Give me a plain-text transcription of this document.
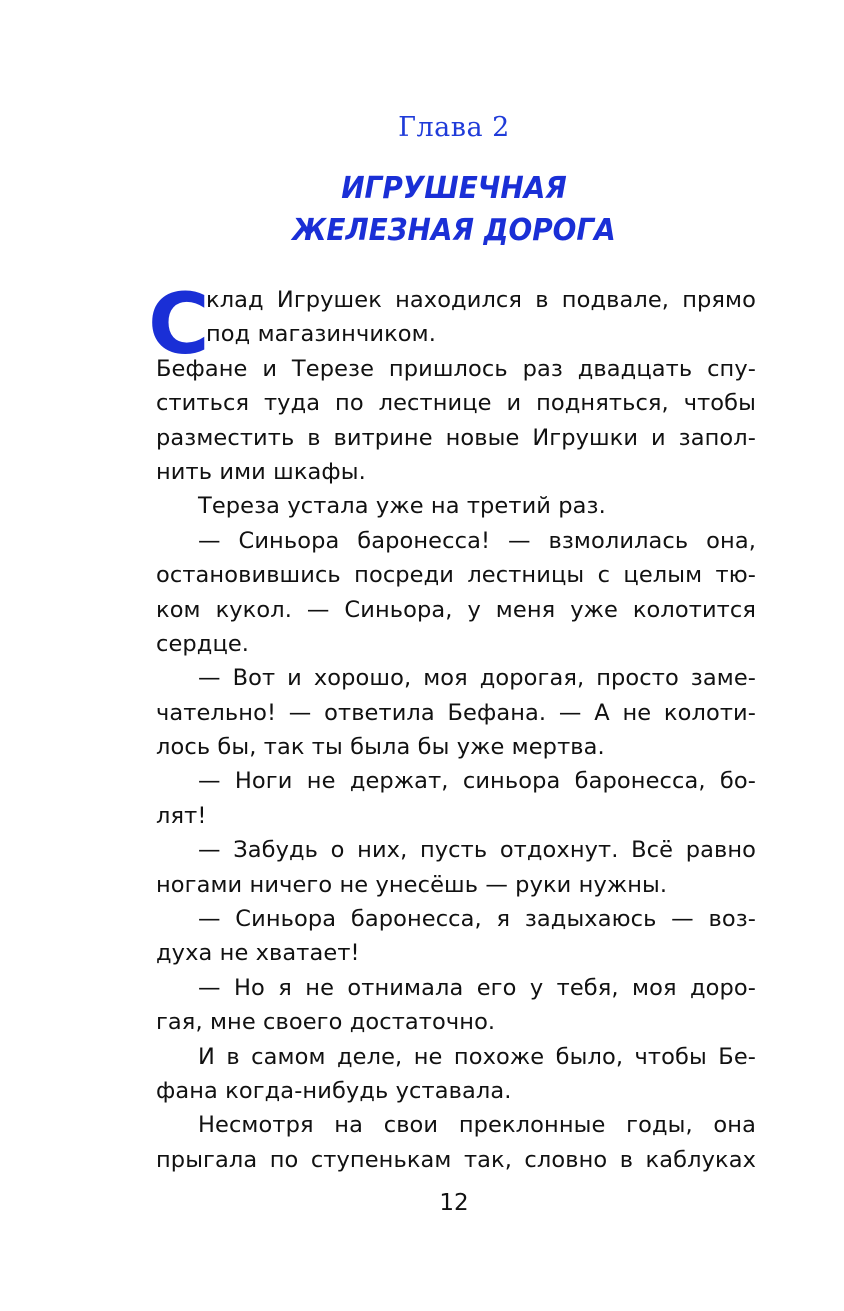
Глава 2
ИГРУШЕЧНАЯ
ЖЕЛЕЗНАЯ ДОРОГА
С
клад Игрушек находился в подвале, прямо
под магазинчиком.
Бефане и Терезе пришлось раз двадцать спу-
ститься туда по лестнице и подняться, чтобы
разместить в витрине новые Игрушки и запол-
нить ими шкафы.
Тереза устала уже на третий раз.
— Синьора баронесса! — взмолилась она,
остановившись посреди лестницы с целым тю-
ком кукол. — Синьора, у меня уже колотится
сердце.
— Вот и хорошо, моя дорогая, просто заме-
чательно! — ответила Бефана. — А не колоти-
лось бы, так ты была бы уже мертва.
— Ноги не держат, синьора баронесса, бо-
лят!
— Забудь о них, пусть отдохнут. Всё равно
ногами ничего не унесёшь — руки нужны.
— Синьора баронесса, я задыхаюсь — воз-
духа не хватает!
— Но я не отнимала его у тебя, моя доро-
гая, мне своего достаточно.
И в самом деле, не похоже было, чтобы Бе-
фана когда-нибудь уставала.
Несмотря на свои преклонные годы, она
прыгала по ступенькам так, словно в каблуках
12
